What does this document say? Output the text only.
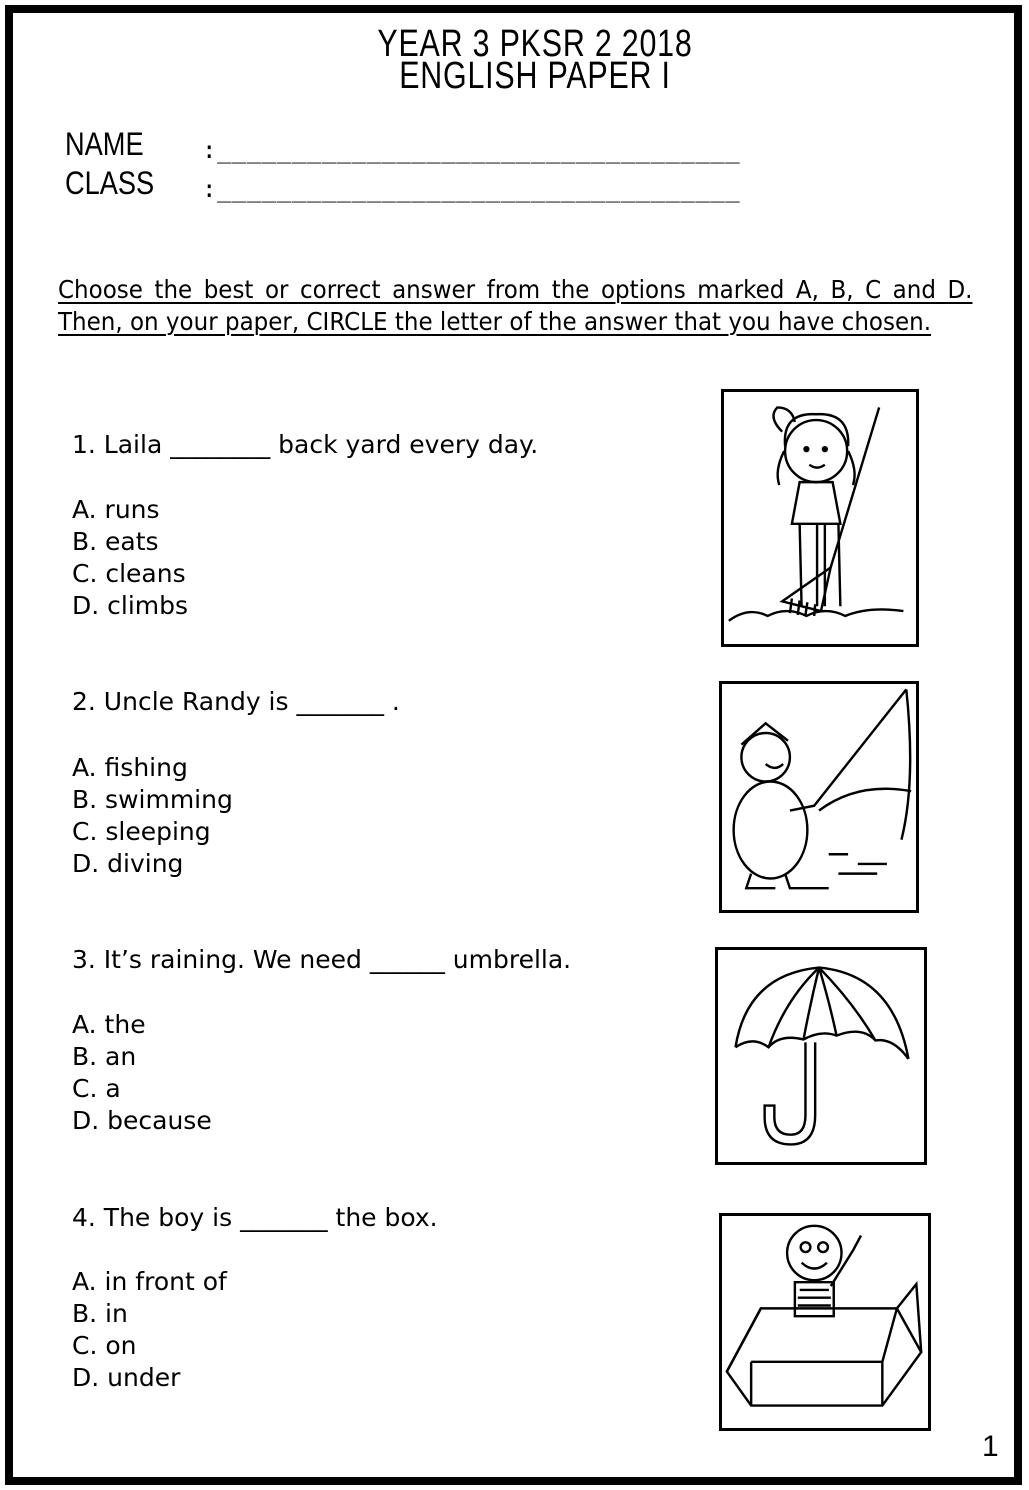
YEAR 3 PKSR 2 2018
ENGLISH PAPER I
NAME :___________________________________
CLASS :___________________________________
Choose the best or correct answer from the options marked A, B, C and D. Then, on your paper, CIRCLE the letter of the answer that you have chosen.
1. Laila ________ back yard every day.
A. runs
B. eats
C. cleans
D. climbs
2. Uncle Randy is _______ .
A. fishing
B. swimming
C. sleeping
D. diving
3. It’s raining. We need ______ umbrella.
A. the
B. an
C. a
D. because
4. The boy is _______ the box.
A. in front of
B. in
C. on
D. under
1
